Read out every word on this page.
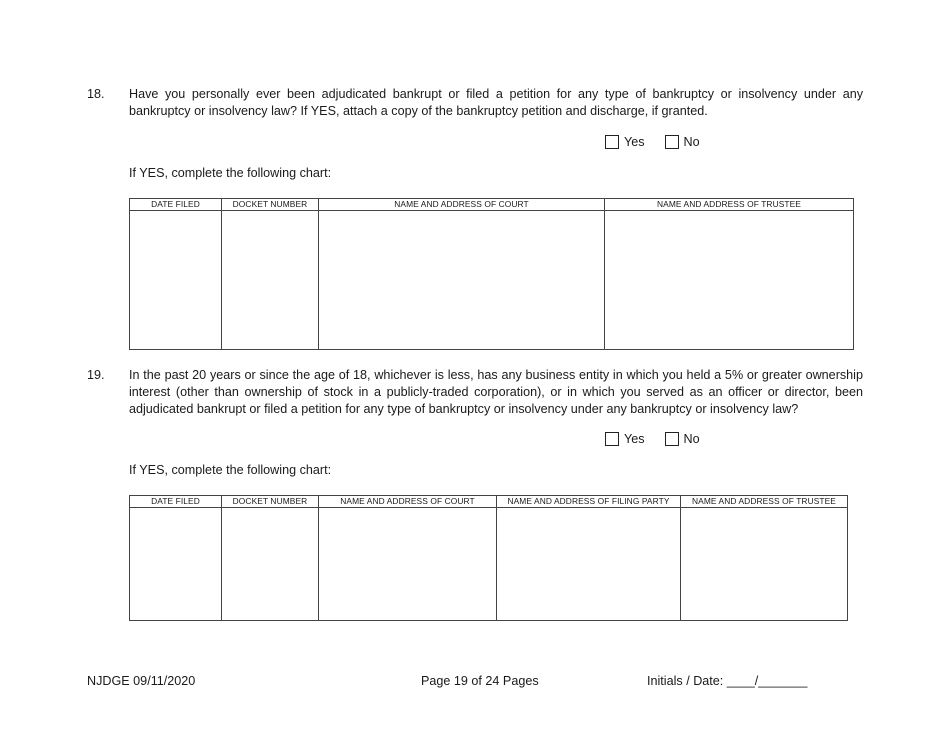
18. Have you personally ever been adjudicated bankrupt or filed a petition for any type of bankruptcy or insolvency under any bankruptcy or insolvency law? If YES, attach a copy of the bankruptcy petition and discharge, if granted.
Yes	No
If YES, complete the following chart:
DATE FILED	DOCKET NUMBER	NAME AND ADDRESS OF COURT	NAME AND ADDRESS OF TRUSTEE

19. In the past 20 years or since the age of 18, whichever is less, has any business entity in which you held a 5% or greater ownership interest (other than ownership of stock in a publicly-traded corporation), or in which you served as an officer or director, been adjudicated bankrupt or filed a petition for any type of bankruptcy or insolvency under any bankruptcy or insolvency law?
Yes	No
If YES, complete the following chart:
DATE FILED	DOCKET NUMBER	NAME AND ADDRESS OF COURT	NAME AND ADDRESS OF FILING PARTY	NAME AND ADDRESS OF TRUSTEE

NJDGE 09/11/2020	Page 19 of 24 Pages	Initials / Date: ____/_______
